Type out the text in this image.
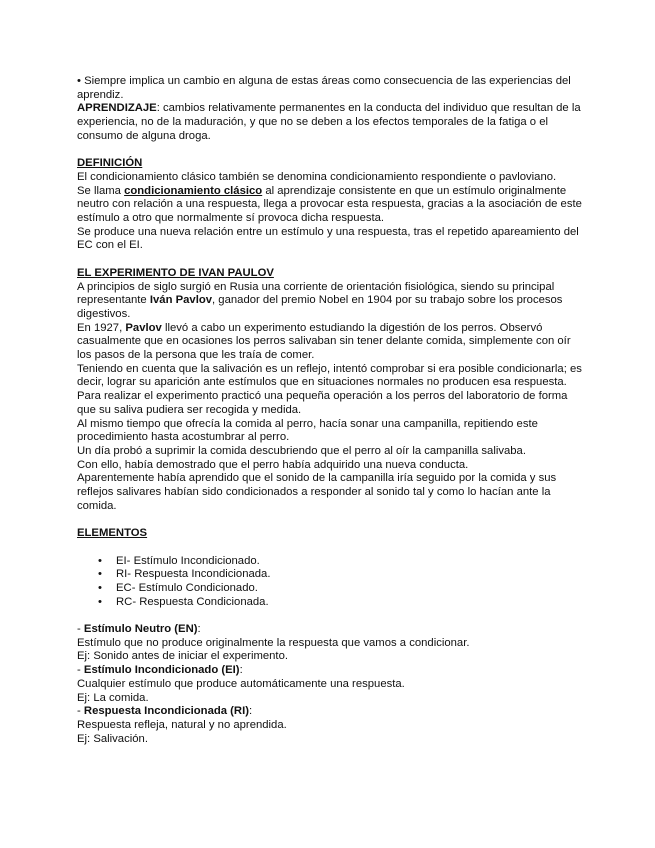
• Siempre implica un cambio en alguna de estas áreas como consecuencia de las experiencias del aprendiz.

APRENDIZAJE: cambios relativamente permanentes en la conducta del individuo que resultan de la experiencia, no de la maduración, y que no se deben a los efectos temporales de la fatiga o el consumo de alguna droga.

DEFINICIÓN

El condicionamiento clásico también se denomina condicionamiento respondiente o pavloviano.

Se llama condicionamiento clásico al aprendizaje consistente en que un estímulo originalmente neutro con relación a una respuesta, llega a provocar esta respuesta, gracias a la asociación de este estímulo a otro que normalmente sí provoca dicha respuesta.

Se produce una nueva relación entre un estímulo y una respuesta, tras el repetido apareamiento del EC con el EI.

EL EXPERIMENTO DE IVAN PAULOV

A principios de siglo surgió en Rusia una corriente de orientación fisiológica, siendo su principal representante Iván Pavlov, ganador del premio Nobel en 1904 por su trabajo sobre los procesos digestivos.

En 1927, Pavlov llevó a cabo un experimento estudiando la digestión de los perros. Observó casualmente que en ocasiones los perros salivaban sin tener delante comida, simplemente con oír los pasos de la persona que les traía de comer.

Teniendo en cuenta que la salivación es un reflejo, intentó comprobar si era posible condicionarla; es decir, lograr su aparición ante estímulos que en situaciones normales no producen esa respuesta.

Para realizar el experimento practicó una pequeña operación a los perros del laboratorio de forma que su saliva pudiera ser recogida y medida.

Al mismo tiempo que ofrecía la comida al perro, hacía sonar una campanilla, repitiendo este procedimiento hasta acostumbrar al perro.

Un día probó a suprimir la comida descubriendo que el perro al oír la campanilla salivaba.

Con ello, había demostrado que el perro había adquirido una nueva conducta.

Aparentemente había aprendido que el sonido de la campanilla iría seguido por la comida y sus reflejos salivares habían sido condicionados a responder al sonido tal y como lo hacían ante la comida.

ELEMENTOS

• EI- Estímulo Incondicionado.
• RI- Respuesta Incondicionada.
• EC- Estímulo Condicionado.
• RC- Respuesta Condicionada.

- Estímulo Neutro (EN):

Estímulo que no produce originalmente la respuesta que vamos a condicionar.

Ej: Sonido antes de iniciar el experimento.

- Estímulo Incondicionado (EI):

Cualquier estímulo que produce automáticamente una respuesta.

Ej: La comida.

- Respuesta Incondicionada (RI):

Respuesta refleja, natural y no aprendida.

Ej: Salivación.
